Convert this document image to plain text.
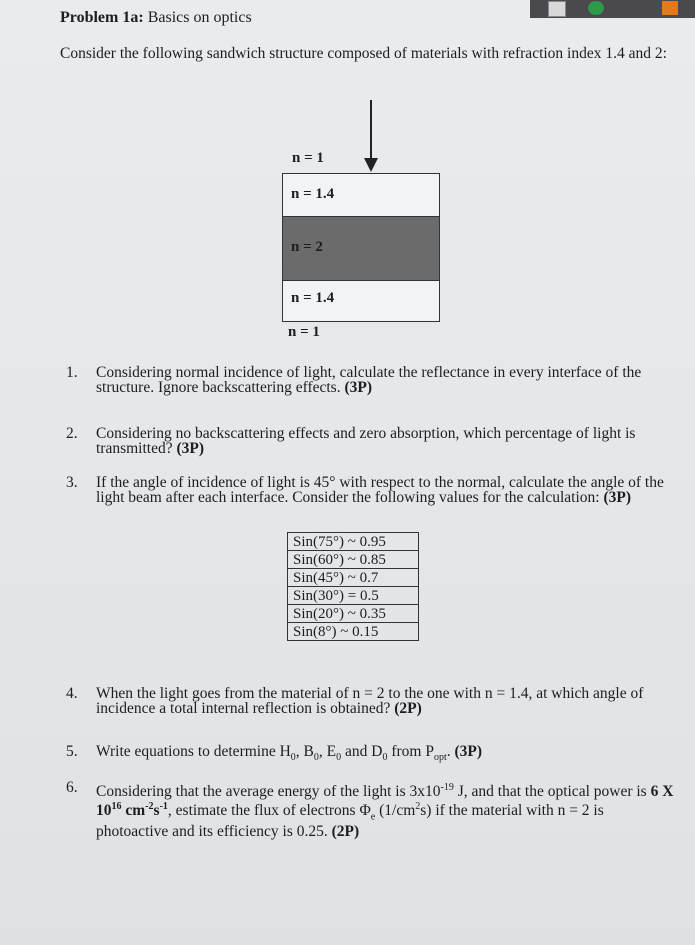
Problem 1a: Basics on optics
Consider the following sandwich structure composed of materials with refraction index 1.4 and 2:
n = 1
n = 1.4
n = 2
n = 1.4
n = 1
1. Considering normal incidence of light, calculate the reflectance in every interface of the structure. Ignore backscattering effects. (3P)
2. Considering no backscattering effects and zero absorption, which percentage of light is transmitted? (3P)
3. If the angle of incidence of light is 45° with respect to the normal, calculate the angle of the light beam after each interface. Consider the following values for the calculation: (3P)
Sin(75°) ~ 0.95
Sin(60°) ~ 0.85
Sin(45°) ~ 0.7
Sin(30°) = 0.5
Sin(20°) ~ 0.35
Sin(8°) ~ 0.15
4. When the light goes from the material of n = 2 to the one with n = 1.4, at which angle of incidence a total internal reflection is obtained? (2P)
5. Write equations to determine $H_0$, $B_0$, $E_0$ and $D_0$ from $P_{opt}$. (3P)
6. Considering that the average energy of the light is $3x10^{-19}$ J, and that the optical power is 6 X $10^{16}$ $cm^{-2}s^{-1}$, estimate the flux of electrons $\Phi_e$ $(1/cm^2s)$ if the material with n = 2 is photoactive and its efficiency is 0.25. (2P)
